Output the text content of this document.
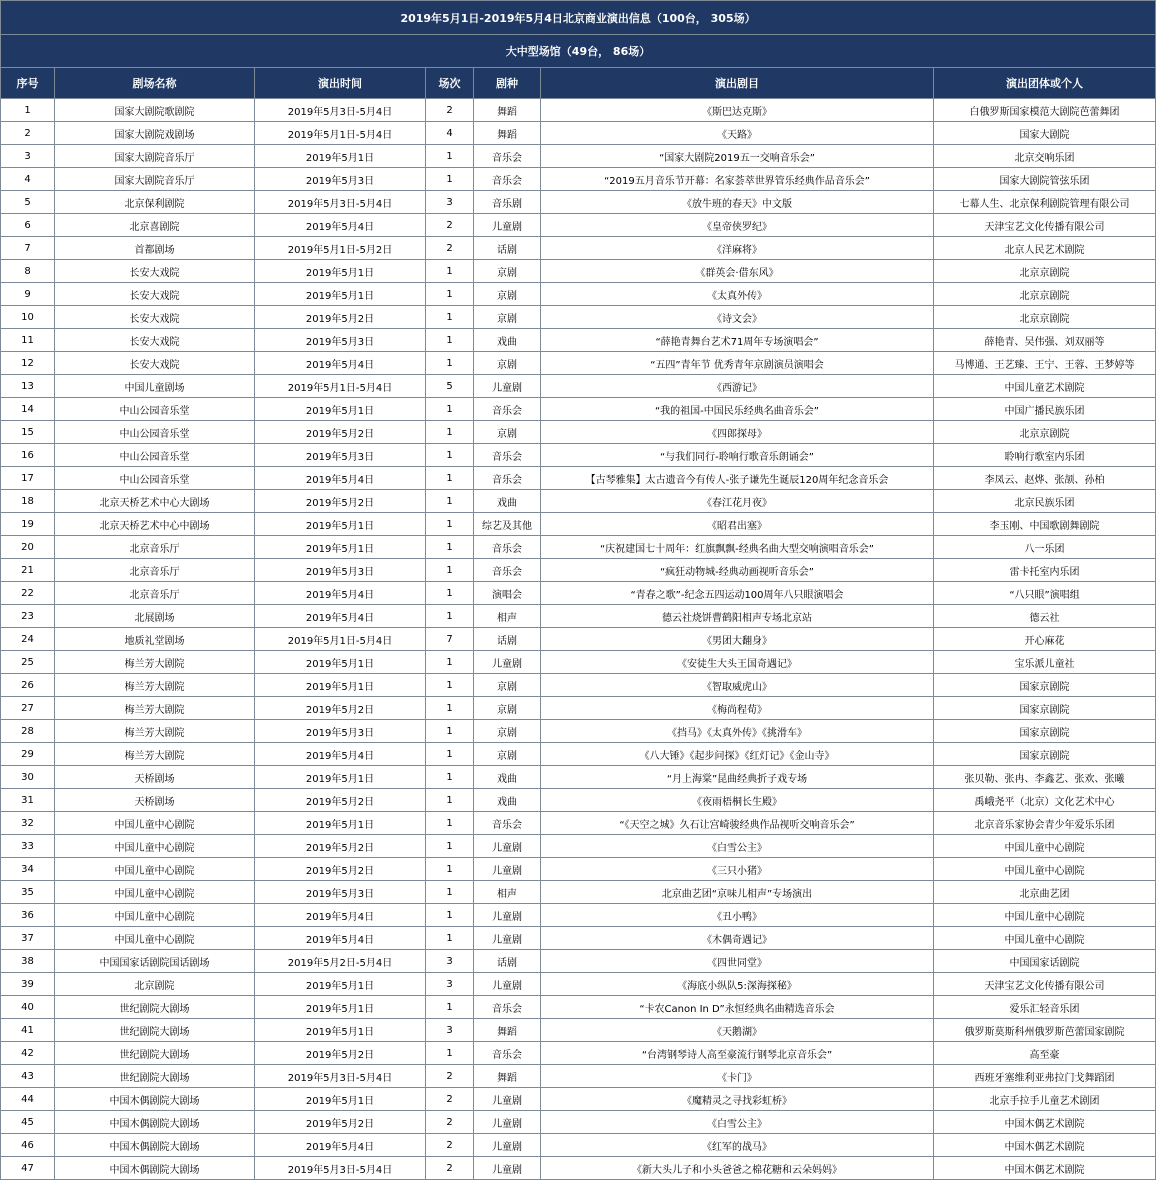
2019年5月1日-2019年5月4日北京商业演出信息（100台， 305场）						
大中型场馆（49台， 86场）						
序号	剧场名称	演出时间	场次	剧种	演出剧目	演出团体或个人
1	国家大剧院歌剧院	2019年5月3日-5月4日	2	舞蹈	《斯巴达克斯》	白俄罗斯国家模范大剧院芭蕾舞团
2	国家大剧院戏剧场	2019年5月1日-5月4日	4	舞蹈	《天路》	国家大剧院
3	国家大剧院音乐厅	2019年5月1日	1	音乐会	“国家大剧院2019五一交响音乐会”	北京交响乐团
4	国家大剧院音乐厅	2019年5月3日	1	音乐会	“2019五月音乐节开幕：名家荟萃世界管乐经典作品音乐会”	国家大剧院管弦乐团
5	北京保利剧院	2019年5月3日-5月4日	3	音乐剧	《放牛班的春天》中文版	七幕人生、北京保利剧院管理有限公司
6	北京喜剧院	2019年5月4日	2	儿童剧	《皇帝侠罗纪》	天津宝艺文化传播有限公司
7	首都剧场	2019年5月1日-5月2日	2	话剧	《洋麻将》	北京人民艺术剧院
8	长安大戏院	2019年5月1日	1	京剧	《群英会·借东风》	北京京剧院
9	长安大戏院	2019年5月1日	1	京剧	《太真外传》	北京京剧院
10	长安大戏院	2019年5月2日	1	京剧	《诗文会》	北京京剧院
11	长安大戏院	2019年5月3日	1	戏曲	“薛艳青舞台艺术71周年专场演唱会”	薛艳青、吴伟强、刘双丽等
12	长安大戏院	2019年5月4日	1	京剧	“五四”青年节 优秀青年京剧演员演唱会	马博通、王艺臻、王宁、王蓉、王梦婷等
13	中国儿童剧场	2019年5月1日-5月4日	5	儿童剧	《西游记》	中国儿童艺术剧院
14	中山公园音乐堂	2019年5月1日	1	音乐会	“我的祖国-中国民乐经典名曲音乐会”	中国广播民族乐团
15	中山公园音乐堂	2019年5月2日	1	京剧	《四郎探母》	北京京剧院
16	中山公园音乐堂	2019年5月3日	1	音乐会	“与我们同行-聆响行歌音乐朗诵会”	聆响行歌室内乐团
17	中山公园音乐堂	2019年5月4日	1	音乐会	【古琴雅集】太古遗音今有传人-张子谦先生诞辰120周年纪念音乐会	李凤云、赵烨、张颉、孙柏
18	北京天桥艺术中心大剧场	2019年5月2日	1	戏曲	《春江花月夜》	北京民族乐团
19	北京天桥艺术中心中剧场	2019年5月1日	1	综艺及其他	《昭君出塞》	李玉刚、中国歌剧舞剧院
20	北京音乐厅	2019年5月1日	1	音乐会	“庆祝建国七十周年：红旗飘飘-经典名曲大型交响演唱音乐会”	八一乐团
21	北京音乐厅	2019年5月3日	1	音乐会	“疯狂动物城-经典动画视听音乐会”	雷卡托室内乐团
22	北京音乐厅	2019年5月4日	1	演唱会	“青春之歌”-纪念五四运动100周年八只眼演唱会	“八只眼”演唱组
23	北展剧场	2019年5月4日	1	相声	德云社烧饼曹鹤阳相声专场北京站	德云社
24	地质礼堂剧场	2019年5月1日-5月4日	7	话剧	《男团大翻身》	开心麻花
25	梅兰芳大剧院	2019年5月1日	1	儿童剧	《安徒生大头王国奇遇记》	宝乐派儿童社
26	梅兰芳大剧院	2019年5月1日	1	京剧	《智取威虎山》	国家京剧院
27	梅兰芳大剧院	2019年5月2日	1	京剧	《梅尚程荀》	国家京剧院
28	梅兰芳大剧院	2019年5月3日	1	京剧	《挡马》《太真外传》《挑滑车》	国家京剧院
29	梅兰芳大剧院	2019年5月4日	1	京剧	《八大锤》《起步问探》《红灯记》《金山寺》	国家京剧院
30	天桥剧场	2019年5月1日	1	戏曲	“月上海棠”昆曲经典折子戏专场	张贝勒、张冉、李鑫艺、张欢、张曦
31	天桥剧场	2019年5月2日	1	戏曲	《夜雨梧桐长生殿》	禹峨尧平（北京）文化艺术中心
32	中国儿童中心剧院	2019年5月1日	1	音乐会	“《天空之城》久石让宫崎骏经典作品视听交响音乐会”	北京音乐家协会青少年爱乐乐团
33	中国儿童中心剧院	2019年5月2日	1	儿童剧	《白雪公主》	中国儿童中心剧院
34	中国儿童中心剧院	2019年5月2日	1	儿童剧	《三只小猪》	中国儿童中心剧院
35	中国儿童中心剧院	2019年5月3日	1	相声	北京曲艺团“京味儿相声”专场演出	北京曲艺团
36	中国儿童中心剧院	2019年5月4日	1	儿童剧	《丑小鸭》	中国儿童中心剧院
37	中国儿童中心剧院	2019年5月4日	1	儿童剧	《木偶奇遇记》	中国儿童中心剧院
38	中国国家话剧院国话剧场	2019年5月2日-5月4日	3	话剧	《四世同堂》	中国国家话剧院
39	北京剧院	2019年5月1日	3	儿童剧	《海底小纵队5:深海探秘》	天津宝艺文化传播有限公司
40	世纪剧院大剧场	2019年5月1日	1	音乐会	“卡农Canon In D”永恒经典名曲精选音乐会	爱乐汇轻音乐团
41	世纪剧院大剧场	2019年5月1日	3	舞蹈	《天鹅湖》	俄罗斯莫斯科州俄罗斯芭蕾国家剧院
42	世纪剧院大剧场	2019年5月2日	1	音乐会	“台湾钢琴诗人高至豪流行钢琴北京音乐会”	高至豪
43	世纪剧院大剧场	2019年5月3日-5月4日	2	舞蹈	《卡门》	西班牙塞维利亚弗拉门戈舞蹈团
44	中国木偶剧院大剧场	2019年5月1日	2	儿童剧	《魔精灵之寻找彩虹桥》	北京手拉手儿童艺术剧团
45	中国木偶剧院大剧场	2019年5月2日	2	儿童剧	《白雪公主》	中国木偶艺术剧院
46	中国木偶剧院大剧场	2019年5月4日	2	儿童剧	《红军的战马》	中国木偶艺术剧院
47	中国木偶剧院大剧场	2019年5月3日-5月4日	2	儿童剧	《新大头儿子和小头爸爸之棉花糖和云朵妈妈》	中国木偶艺术剧院
